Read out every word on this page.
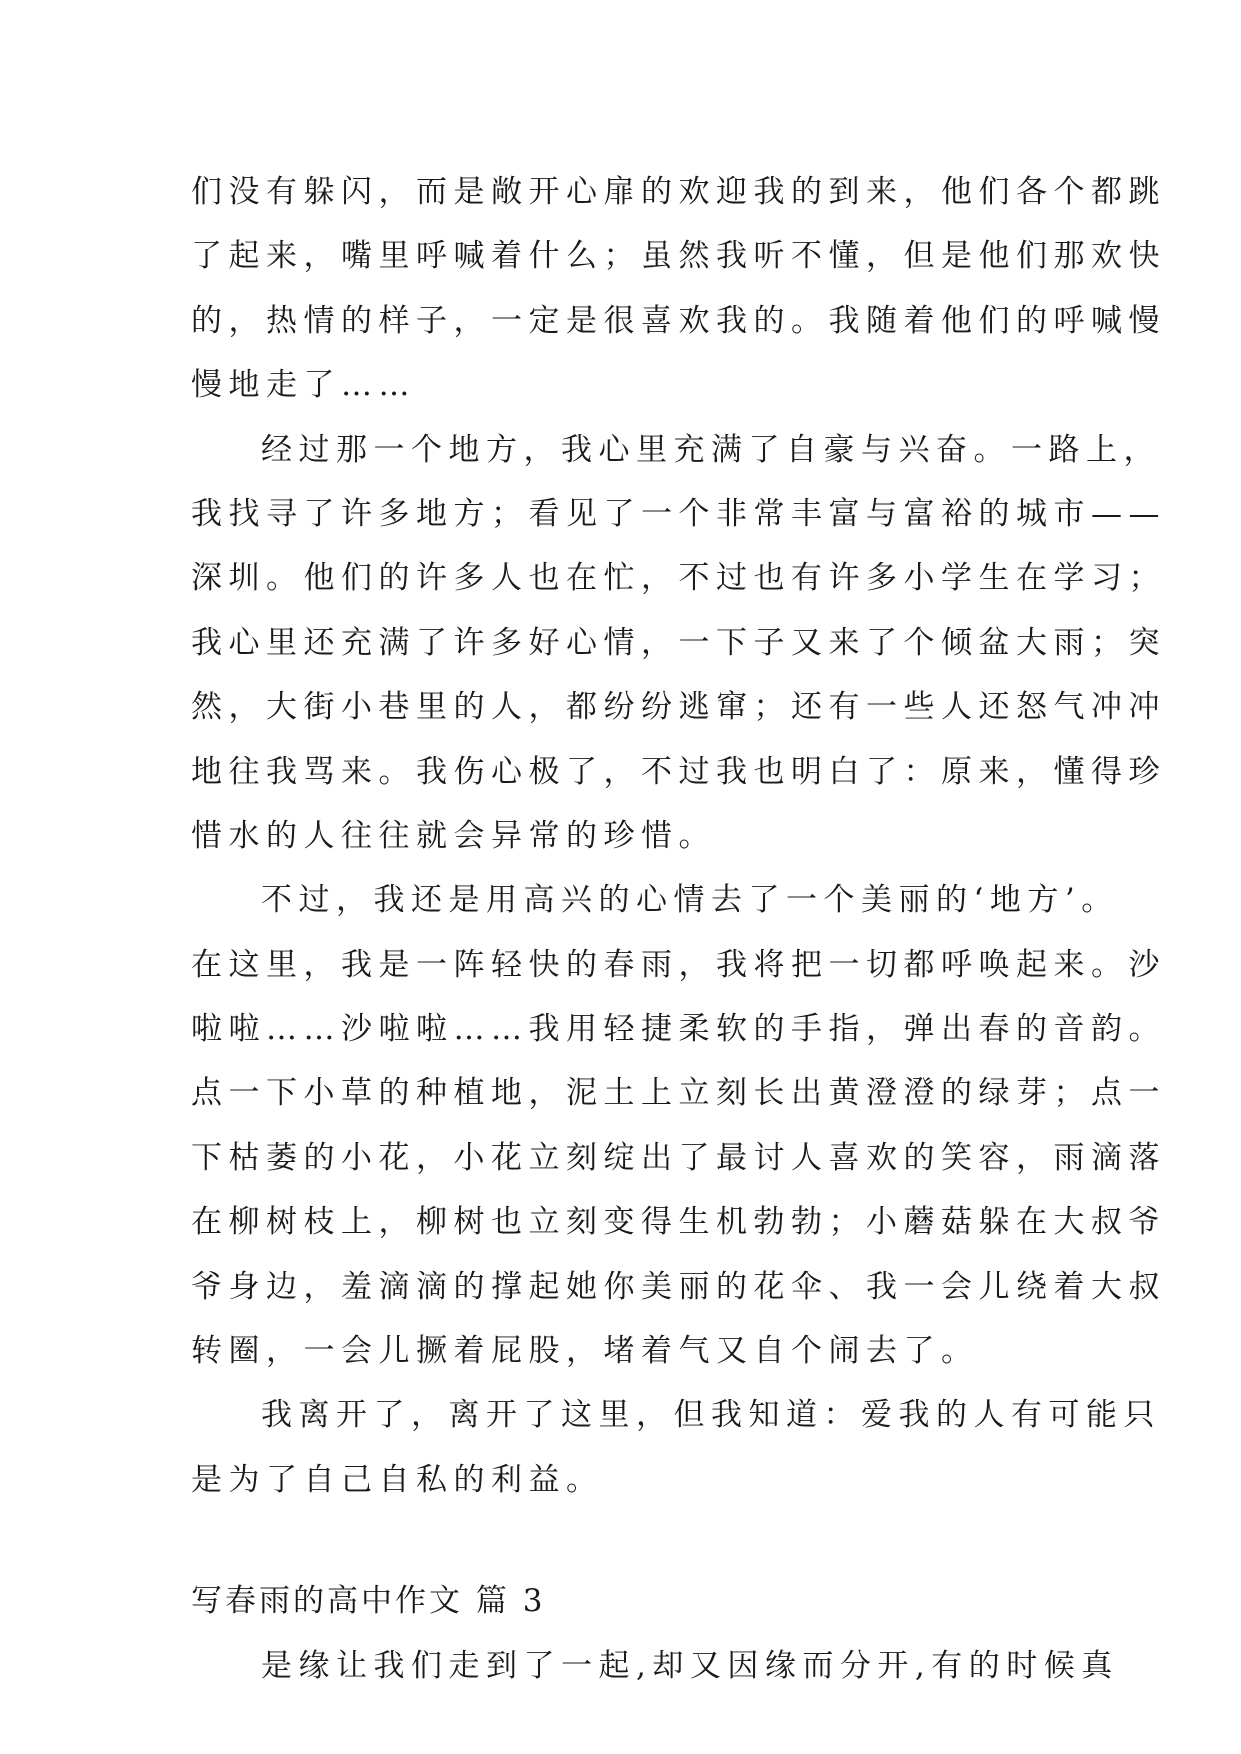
们没有躲闪，而是敞开心扉的欢迎我的到来，他们各个都跳
了起来，嘴里呼喊着什么；虽然我听不懂，但是他们那欢快
的，热情的样子，一定是很喜欢我的。我随着他们的呼喊慢
慢地走了……
经过那一个地方，我心里充满了自豪与兴奋。一路上，
我找寻了许多地方；看见了一个非常丰富与富裕的城市——
深圳。他们的许多人也在忙，不过也有许多小学生在学习；
我心里还充满了许多好心情，一下子又来了个倾盆大雨；突
然，大街小巷里的人，都纷纷逃窜；还有一些人还怒气冲冲
地往我骂来。我伤心极了，不过我也明白了：原来，懂得珍
惜水的人往往就会异常的珍惜。
不过，我还是用高兴的心情去了一个美丽的‘地方’。
在这里，我是一阵轻快的春雨，我将把一切都呼唤起来。沙
啦啦……沙啦啦……我用轻捷柔软的手指，弹出春的音韵。
点一下小草的种植地，泥土上立刻长出黄澄澄的绿芽；点一
下枯萎的小花，小花立刻绽出了最讨人喜欢的笑容，雨滴落
在柳树枝上，柳树也立刻变得生机勃勃；小蘑菇躲在大叔爷
爷身边，羞滴滴的撑起她你美丽的花伞、我一会儿绕着大叔
转圈，一会儿撅着屁股，堵着气又自个闹去了。
我离开了，离开了这里，但我知道：爱我的人有可能只
是为了自己自私的利益。
写春雨的高中作文 篇 3
是缘让我们走到了一起,却又因缘而分开,有的时候真
